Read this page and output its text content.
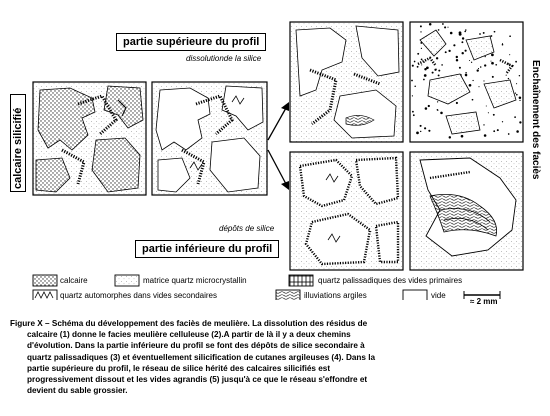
partie supérieure du profil
partie inférieure du profil
calcaire silicifié	Enchaînement des faciès
dissolutionde la silice
dépôts de silice
calcaire	matrice quartz microcrystallin	quartz palissadiques des vides primaires
quartz automorphes dans vides secondaires	illuviations argiles	vide
≈ 2 mm

Figure X – Schéma du développement des faciès de meulière. La dissolution des résidus de

calcaire (1) donne le facies meulière celluleuse (2).A partir de là il y a deux chemins

d'évolution. Dans la partie inférieure du profil se font des dépôts de silice secondaire à

quartz palissadiques (3) et éventuellement silicification de cutanes argileuses (4). Dans la

partie supérieure du profil, le réseau de silice hérité des calcaires silicifiés est

progressivement dissout et les vides agrandis (5) jusqu'à ce que le réseau s'effondre et

devient du sable grossier.
